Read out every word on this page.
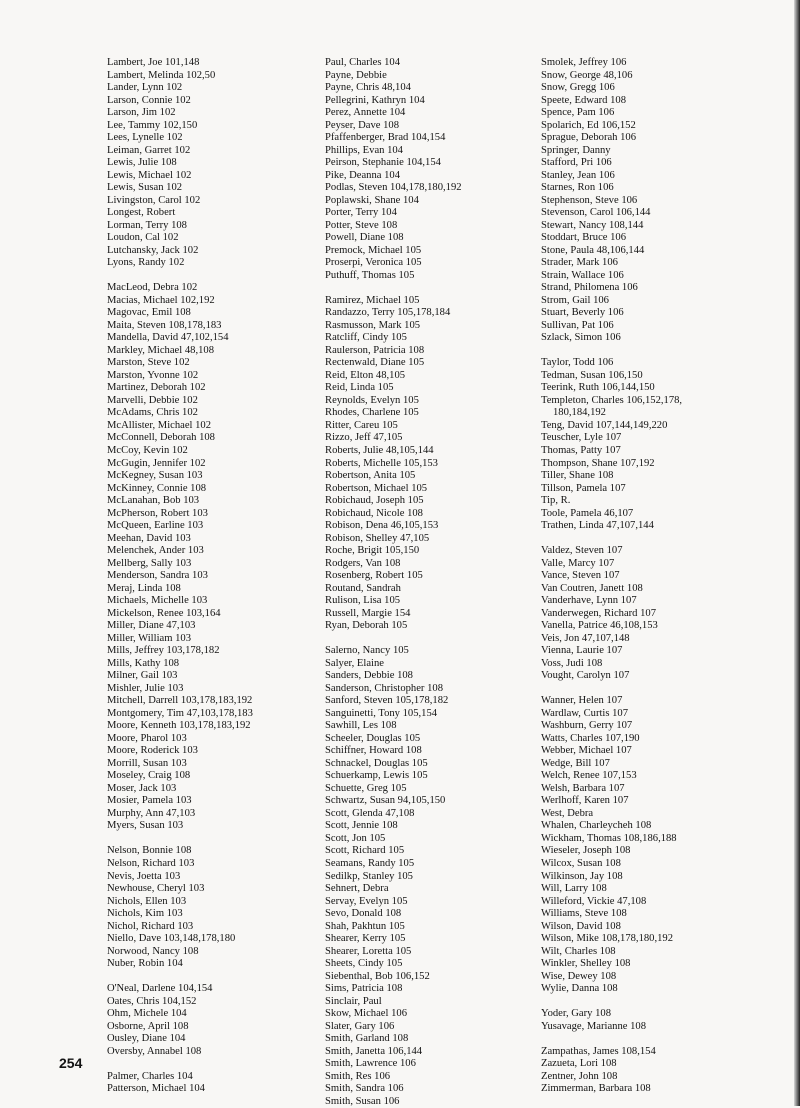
Lambert, Joe 101,148
Lambert, Melinda 102,50
Lander, Lynn 102
Larson, Connie 102
Larson, Jim 102
Lee, Tammy 102,150
Lees, Lynelle 102
Leiman, Garret 102
Lewis, Julie 108
Lewis, Michael 102
Lewis, Susan 102
Livingston, Carol 102
Longest, Robert
Lorman, Terry 108
Loudon, Cal 102
Lutchansky, Jack 102
Lyons, Randy 102
MacLeod, Debra 102
Macias, Michael 102,192
Magovac, Emil 108
Maita, Steven 108,178,183
Mandella, David 47,102,154
Markley, Michael 48,108
Marston, Steve 102
Marston, Yvonne 102
Martinez, Deborah 102
Marvelli, Debbie 102
McAdams, Chris 102
McAllister, Michael 102
McConnell, Deborah 108
McCoy, Kevin 102
McGugin, Jennifer 102
McKegney, Susan 103
McKinney, Connie 108
McLanahan, Bob 103
McPherson, Robert 103
McQueen, Earline 103
Meehan, David 103
Melenchek, Ander 103
Mellberg, Sally 103
Menderson, Sandra 103
Meraj, Linda 108
Michaels, Michelle 103
Mickelson, Renee 103,164
Miller, Diane 47,103
Miller, William 103
Mills, Jeffrey 103,178,182
Mills, Kathy 108
Milner, Gail 103
Mishler, Julie 103
Mitchell, Darrell 103,178,183,192
Montgomery, Tim 47,103,178,183
Moore, Kenneth 103,178,183,192
Moore, Pharol 103
Moore, Roderick 103
Morrill, Susan 103
Moseley, Craig 108
Moser, Jack 103
Mosier, Pamela 103
Murphy, Ann 47,103
Myers, Susan 103
Nelson, Bonnie 108
Nelson, Richard 103
Nevis, Joetta 103
Newhouse, Cheryl 103
Nichols, Ellen 103
Nichols, Kim 103
Nichol, Richard 103
Niello, Dave 103,148,178,180
Norwood, Nancy 108
Nuber, Robin 104
O'Neal, Darlene 104,154
Oates, Chris 104,152
Ohm, Michele 104
Osborne, April 108
Ousley, Diane 104
Oversby, Annabel 108
Palmer, Charles 104
Patterson, Michael 104
Paul, Charles 104
Payne, Debbie
Payne, Chris 48,104
Pellegrini, Kathryn 104
Perez, Annette 104
Peyser, Dave 108
Pfaffenberger, Brad 104,154
Phillips, Evan 104
Peirson, Stephanie 104,154
Pike, Deanna 104
Podlas, Steven 104,178,180,192
Poplawski, Shane 104
Porter, Terry 104
Potter, Steve 108
Powell, Diane 108
Premock, Michael 105
Proserpi, Veronica 105
Puthuff, Thomas 105
Ramirez, Michael 105
Randazzo, Terry 105,178,184
Rasmusson, Mark 105
Ratcliff, Cindy 105
Raulerson, Patricia 108
Rectenwald, Diane 105
Reid, Elton 48,105
Reid, Linda 105
Reynolds, Evelyn 105
Rhodes, Charlene 105
Ritter, Careu 105
Rizzo, Jeff 47,105
Roberts, Julie 48,105,144
Roberts, Michelle 105,153
Robertson, Anita 105
Robertson, Michael 105
Robichaud, Joseph 105
Robichaud, Nicole 108
Robison, Dena 46,105,153
Robison, Shelley 47,105
Roche, Brigit 105,150
Rodgers, Van 108
Rosenberg, Robert 105
Routand, Sandrah
Rulison, Lisa 105
Russell, Margie 154
Ryan, Deborah 105
Salerno, Nancy 105
Salyer, Elaine
Sanders, Debbie 108
Sanderson, Christopher 108
Sanford, Steven 105,178,182
Sanguinetti, Tony 105,154
Sawhill, Les 108
Scheeler, Douglas 105
Schiffner, Howard 108
Schnackel, Douglas 105
Schuerkamp, Lewis 105
Schuette, Greg 105
Schwartz, Susan 94,105,150
Scott, Glenda 47,108
Scott, Jennie 108
Scott, Jon 105
Scott, Richard 105
Seamans, Randy 105
Sedilkp, Stanley 105
Sehnert, Debra
Servay, Evelyn 105
Sevo, Donald 108
Shah, Pakhtun 105
Shearer, Kerry 105
Shearer, Loretta 105
Sheets, Cindy 105
Siebenthal, Bob 106,152
Sims, Patricia 108
Sinclair, Paul
Skow, Michael 106
Slater, Gary 106
Smith, Garland 108
Smith, Janetta 106,144
Smith, Lawrence 106
Smith, Res 106
Smith, Sandra 106
Smith, Susan 106
Smolek, Jeffrey 106
Snow, George 48,106
Snow, Gregg 106
Speete, Edward 108
Spence, Pam 106
Spolarich, Ed 106,152
Sprague, Deborah 106
Springer, Danny
Stafford, Pri 106
Stanley, Jean 106
Starnes, Ron 106
Stephenson, Steve 106
Stevenson, Carol 106,144
Stewart, Nancy 108,144
Stoddart, Bruce 106
Stone, Paula 48,106,144
Strader, Mark 106
Strain, Wallace 106
Strand, Philomena 106
Strom, Gail 106
Stuart, Beverly 106
Sullivan, Pat 106
Szlack, Simon 106
Taylor, Todd 106
Tedman, Susan 106,150
Teerink, Ruth 106,144,150
Templeton, Charles 106,152,178,
180,184,192
Teng, David 107,144,149,220
Teuscher, Lyle 107
Thomas, Patty 107
Thompson, Shane 107,192
Tiller, Shane 108
Tillson, Pamela 107
Tip, R.
Toole, Pamela 46,107
Trathen, Linda 47,107,144
Valdez, Steven 107
Valle, Marcy 107
Vance, Steven 107
Van Coutren, Janett 108
Vanderhave, Lynn 107
Vanderwegen, Richard 107
Vanella, Patrice 46,108,153
Veis, Jon 47,107,148
Vienna, Laurie 107
Voss, Judi 108
Vought, Carolyn 107
Wanner, Helen 107
Wardlaw, Curtis 107
Washburn, Gerry 107
Watts, Charles 107,190
Webber, Michael 107
Wedge, Bill 107
Welch, Renee 107,153
Welsh, Barbara 107
Werlhoff, Karen 107
West, Debra
Whalen, Charleycheh 108
Wickham, Thomas 108,186,188
Wieseler, Joseph 108
Wilcox, Susan 108
Wilkinson, Jay 108
Will, Larry 108
Willeford, Vickie 47,108
Williams, Steve 108
Wilson, David 108
Wilson, Mike 108,178,180,192
Wilt, Charles 108
Winkler, Shelley 108
Wise, Dewey 108
Wylie, Danna 108
Yoder, Gary 108
Yusavage, Marianne 108
Zampathas, James 108,154
Zazueta, Lori 108
Zentner, John 108
Zimmerman, Barbara 108
254
